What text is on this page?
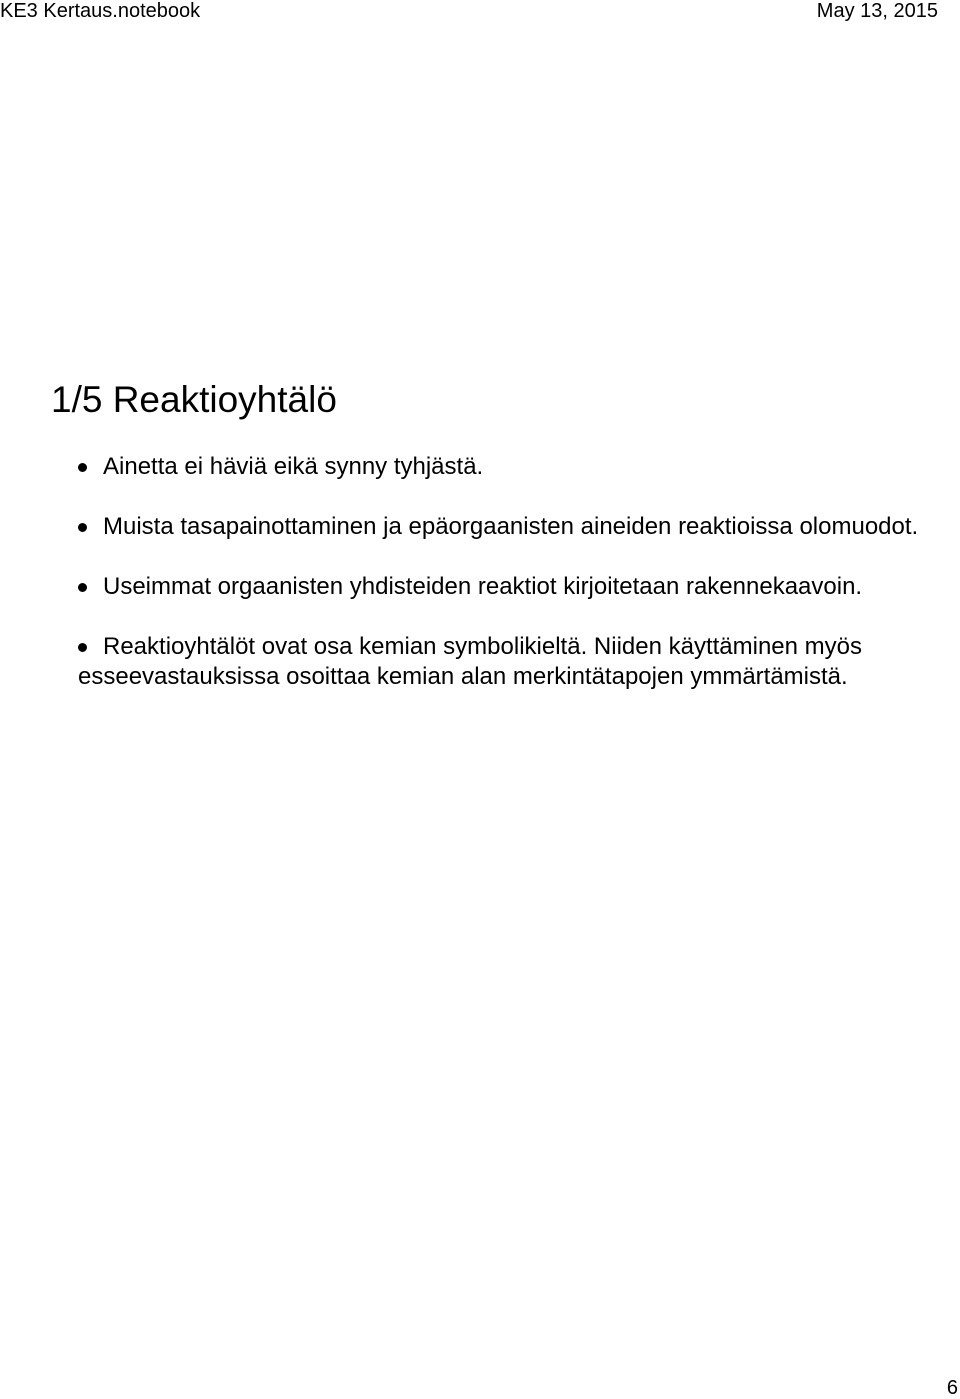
KE3 Kertaus.notebook	May 13, 2015
1/5 Reaktioyhtälö
Ainetta ei häviä eikä synny tyhjästä.
Muista tasapainottaminen ja epäorgaanisten aineiden reaktioissa olomuodot.
Useimmat orgaanisten yhdisteiden reaktiot kirjoitetaan rakennekaavoin.
Reaktioyhtälöt ovat osa kemian symbolikieltä. Niiden käyttäminen myös esseevastauksissa osoittaa kemian alan merkintätapojen ymmärtämistä.
6
